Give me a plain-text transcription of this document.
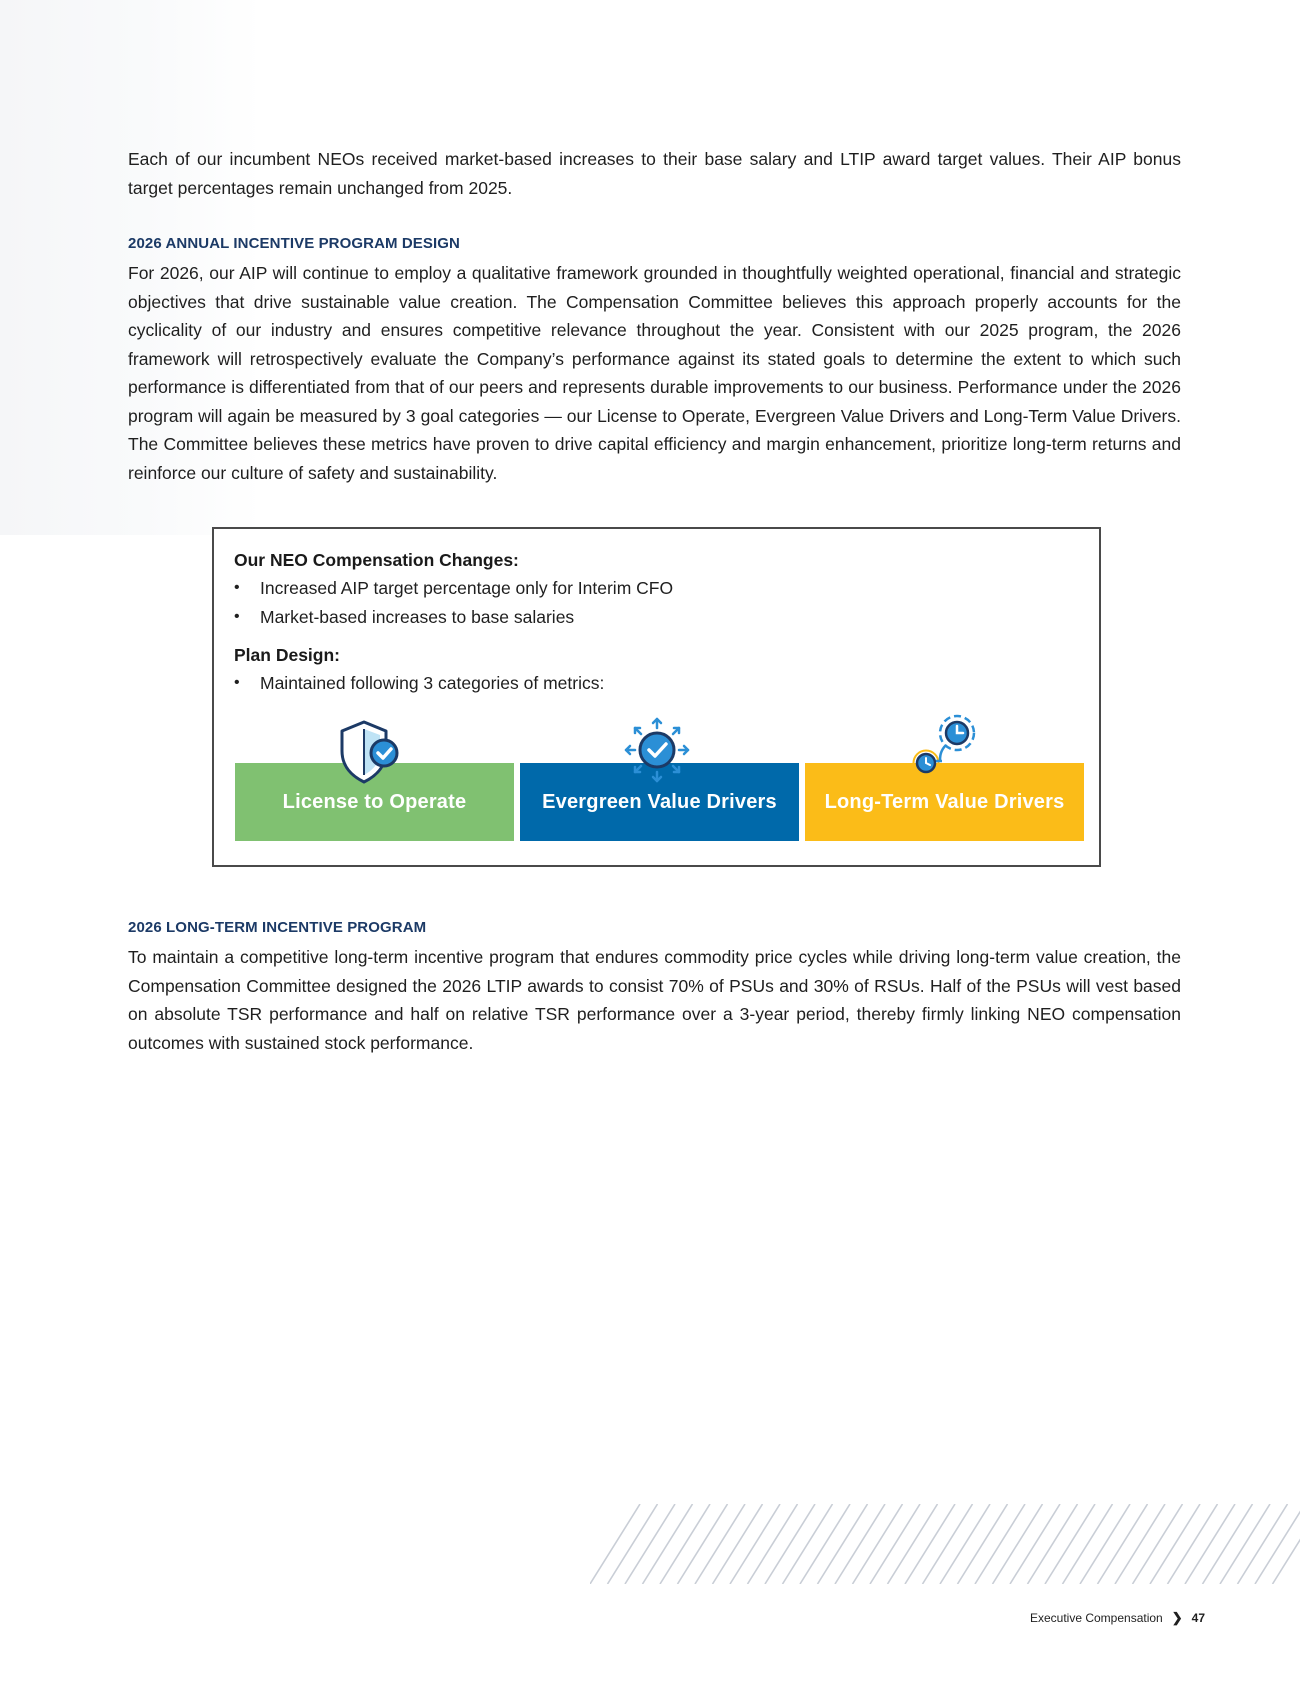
Each of our incumbent NEOs received market-based increases to their base salary and LTIP award target values. Their AIP bonus target percentages remain unchanged from 2025.

2026 ANNUAL INCENTIVE PROGRAM DESIGN

For 2026, our AIP will continue to employ a qualitative framework grounded in thoughtfully weighted operational, financial and strategic objectives that drive sustainable value creation. The Compensation Committee believes this approach properly accounts for the cyclicality of our industry and ensures competitive relevance throughout the year. Consistent with our 2025 program, the 2026 framework will retrospectively evaluate the Company’s performance against its stated goals to determine the extent to which such performance is differentiated from that of our peers and represents durable improvements to our business. Performance under the 2026 program will again be measured by 3 goal categories — our License to Operate, Evergreen Value Drivers and Long-Term Value Drivers. The Committee believes these metrics have proven to drive capital efficiency and margin enhancement, prioritize long-term returns and reinforce our culture of safety and sustainability.

Our NEO Compensation Changes:
• Increased AIP target percentage only for Interim CFO
• Market-based increases to base salaries
Plan Design:
• Maintained following 3 categories of metrics:
License to Operate	Evergreen Value Drivers Long-Term Value Drivers
2026 LONG-TERM INCENTIVE PROGRAM

To maintain a competitive long-term incentive program that endures commodity price cycles while driving long-term value creation, the Compensation Committee designed the 2026 LTIP awards to consist 70% of PSUs and 30% of RSUs. Half of the PSUs will vest based on absolute TSR performance and half on relative TSR performance over a 3-year period, thereby firmly linking NEO compensation outcomes with sustained stock performance.

Executive Compensation ❯ 47
